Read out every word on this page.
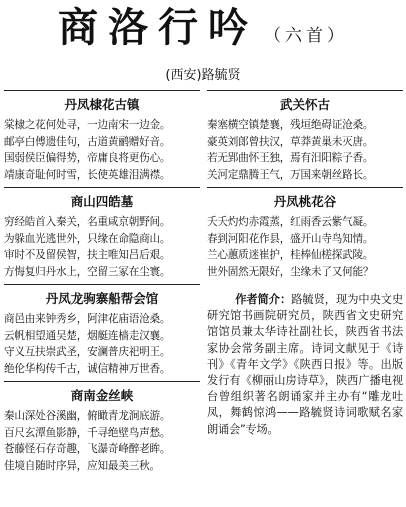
商洛行吟 （六首）
(西安)路毓贤
丹凤棣花古镇
棠棣之花何处寻，一边南宋一边金。
邮亭白傅遗佳句，古道黄鹂赠好音。
国弱侯臣偏得势，帝庸良将更伤心。
靖康奇耻何时雪，长使英雄泪满襟。
商山四皓墓
穷经皓首入秦关，名重咸京朝野间。
为躲血光逃世外，只缘在命隐商山。
审时不及留侯智，扶主唯知吕后艰。
方悔复归丹水上，空留三冢在尘寰。
丹凤龙驹寨船帮会馆
商邑由来钟秀乡，阿津花庙语沧桑。
云帆相望通吴楚，烟艇连樯走汉襄。
守义互扶崇武圣，安澜普庆祀明王。
绝伦华构传千古，诚信精神万世香。
商南金丝峡
秦山深处谷溪幽，俯瞰青龙涧底游。
百尺玄潭鱼影静，千寻绝壁鸟声愁。
苍藤怪石存奇趣，飞瀑奇峰醉老眸。
佳境自随时序异，应知最美三秋。
武关怀古
秦塞横空镇楚襄，残垣绝碍证沧桑。
豪英刘郎曾扶汉，草莽黄巢未灭唐。
若无郢曲怀王独，焉有汨阳粽子香。
关河定鼎腾王气，万国来朝丝路长。
丹凤桃花谷
夭夭灼灼赤霞蒸，红雨香云紫气凝。
春到河阳花作县，盛开山寺鸟知情。
兰心蕙质迷崔护，桂棒仙槎探武陵。
世外固然无限好，尘缘未了又何能？
作者简介：路毓贤，现为中央文史研究馆书画院研究员，陕西省文史研究馆馆员兼太华诗社副社长，陕西省书法家协会常务副主席。诗词文献见于《诗刊》《青年文学》《陕西日报》等。出版发行有《柳丽山房诗草》，陕西广播电视台曾组织著名朗诵家并主办有“雕龙吐凤，舞鹤惊鸿——路毓贤诗词歌赋名家朗诵会”专场。
